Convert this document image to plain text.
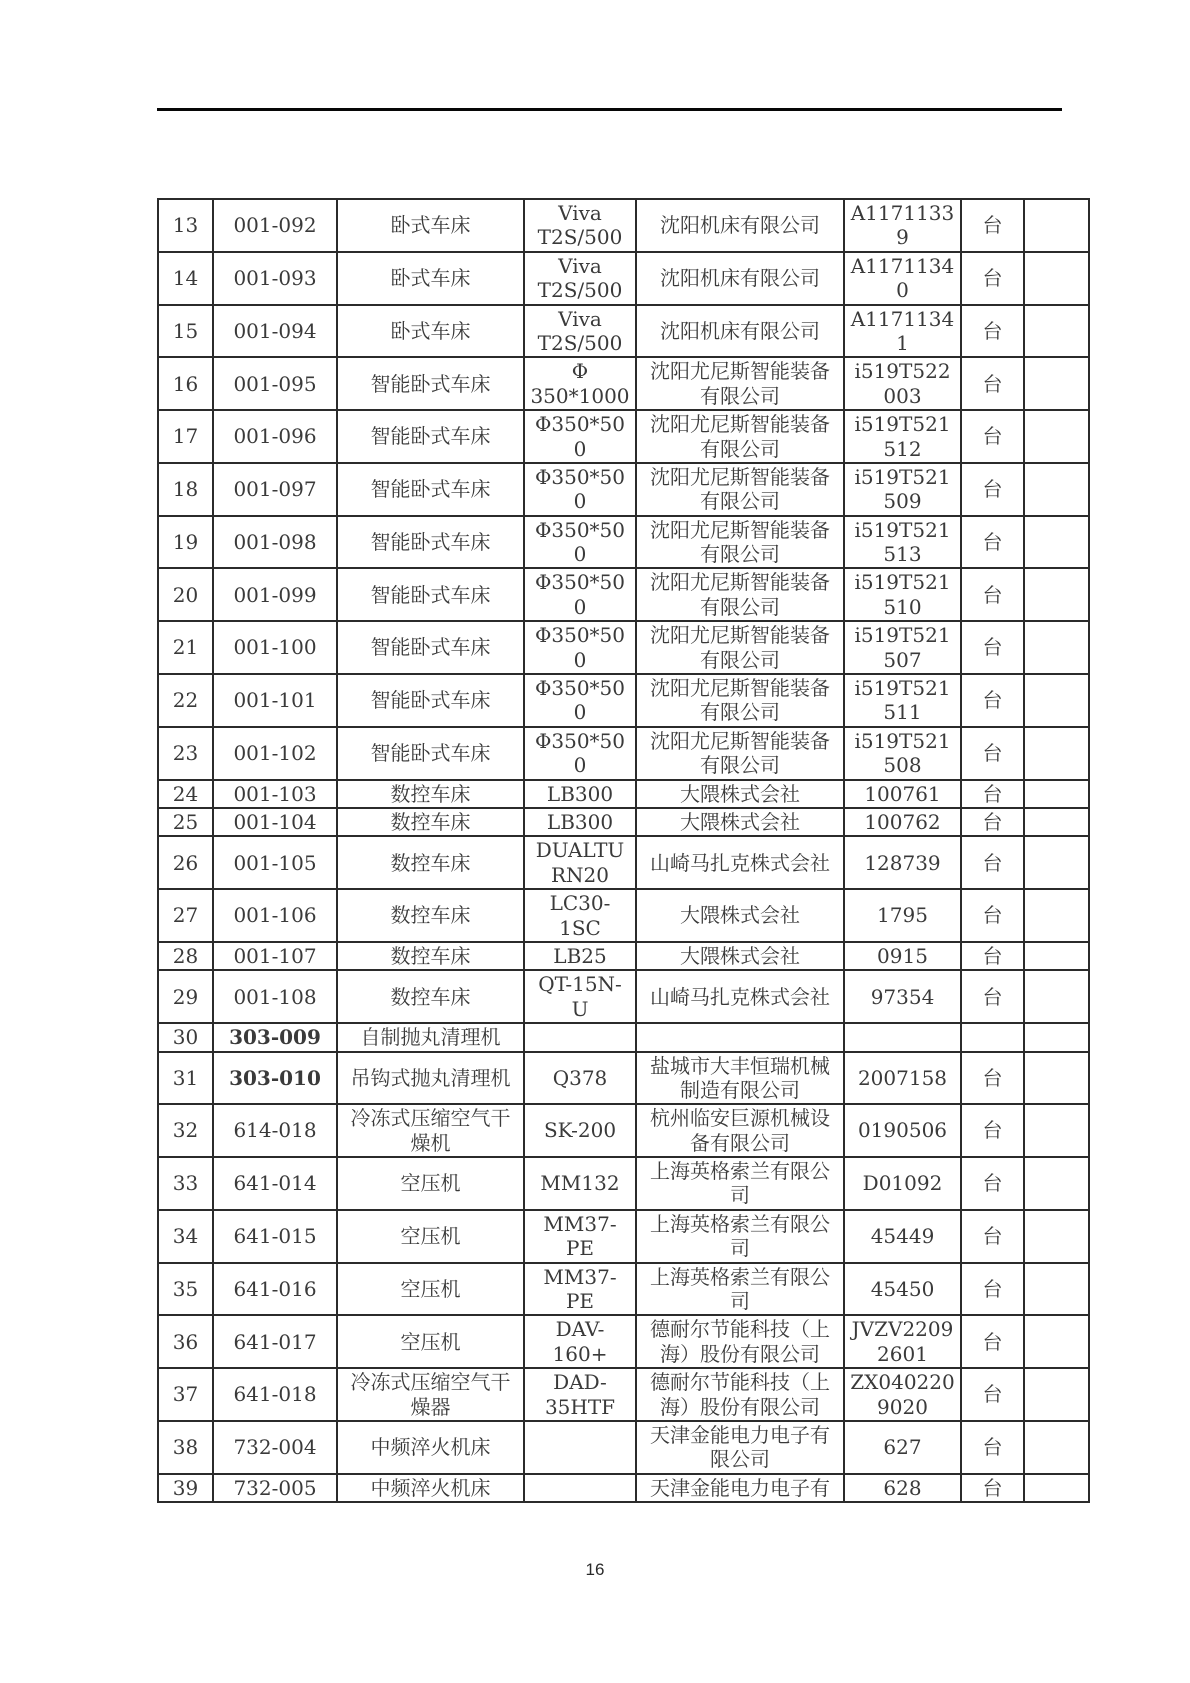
13	001-092	卧式车床	Viva T2S/500	沈阳机床有限公司	A11711339	台	
14	001-093	卧式车床	Viva T2S/500	沈阳机床有限公司	A11711340	台	
15	001-094	卧式车床	Viva T2S/500	沈阳机床有限公司	A11711341	台	
16	001-095	智能卧式车床	Φ 350*1000	沈阳尤尼斯智能装备有限公司	i519T522003	台	
17	001-096	智能卧式车床	Φ350*500	沈阳尤尼斯智能装备有限公司	i519T521512	台	
18	001-097	智能卧式车床	Φ350*500	沈阳尤尼斯智能装备有限公司	i519T521509	台	
19	001-098	智能卧式车床	Φ350*500	沈阳尤尼斯智能装备有限公司	i519T521513	台	
20	001-099	智能卧式车床	Φ350*500	沈阳尤尼斯智能装备有限公司	i519T521510	台	
21	001-100	智能卧式车床	Φ350*500	沈阳尤尼斯智能装备有限公司	i519T521507	台	
22	001-101	智能卧式车床	Φ350*500	沈阳尤尼斯智能装备有限公司	i519T521511	台	
23	001-102	智能卧式车床	Φ350*500	沈阳尤尼斯智能装备有限公司	i519T521508	台	
24	001-103	数控车床	LB300	大隈株式会社	100761	台	
25	001-104	数控车床	LB300	大隈株式会社	100762	台	
26	001-105	数控车床	DUALTURN20	山崎马扎克株式会社	128739	台	
27	001-106	数控车床	LC30-1SC	大隈株式会社	1795	台	
28	001-107	数控车床	LB25	大隈株式会社	0915	台	
29	001-108	数控车床	QT-15N-U	山崎马扎克株式会社	97354	台	
30	303-009	自制抛丸清理机					
31	303-010	吊钩式抛丸清理机	Q378	盐城市大丰恒瑞机械制造有限公司	2007158	台	
32	614-018	冷冻式压缩空气干燥机	SK-200	杭州临安巨源机械设备有限公司	0190506	台	
33	641-014	空压机	MM132	上海英格索兰有限公司	D01092	台	
34	641-015	空压机	MM37-PE	上海英格索兰有限公司	45449	台	
35	641-016	空压机	MM37-PE	上海英格索兰有限公司	45450	台	
36	641-017	空压机	DAV-160+	德耐尔节能科技（上海）股份有限公司	JVZV22092601	台	
37	641-018	冷冻式压缩空气干燥器	DAD-35HTF	德耐尔节能科技（上海）股份有限公司	ZX0402209020	台	
38	732-004	中频淬火机床		天津金能电力电子有限公司	627	台	
39	732-005	中频淬火机床		天津金能电力电子有	628	台	
16
